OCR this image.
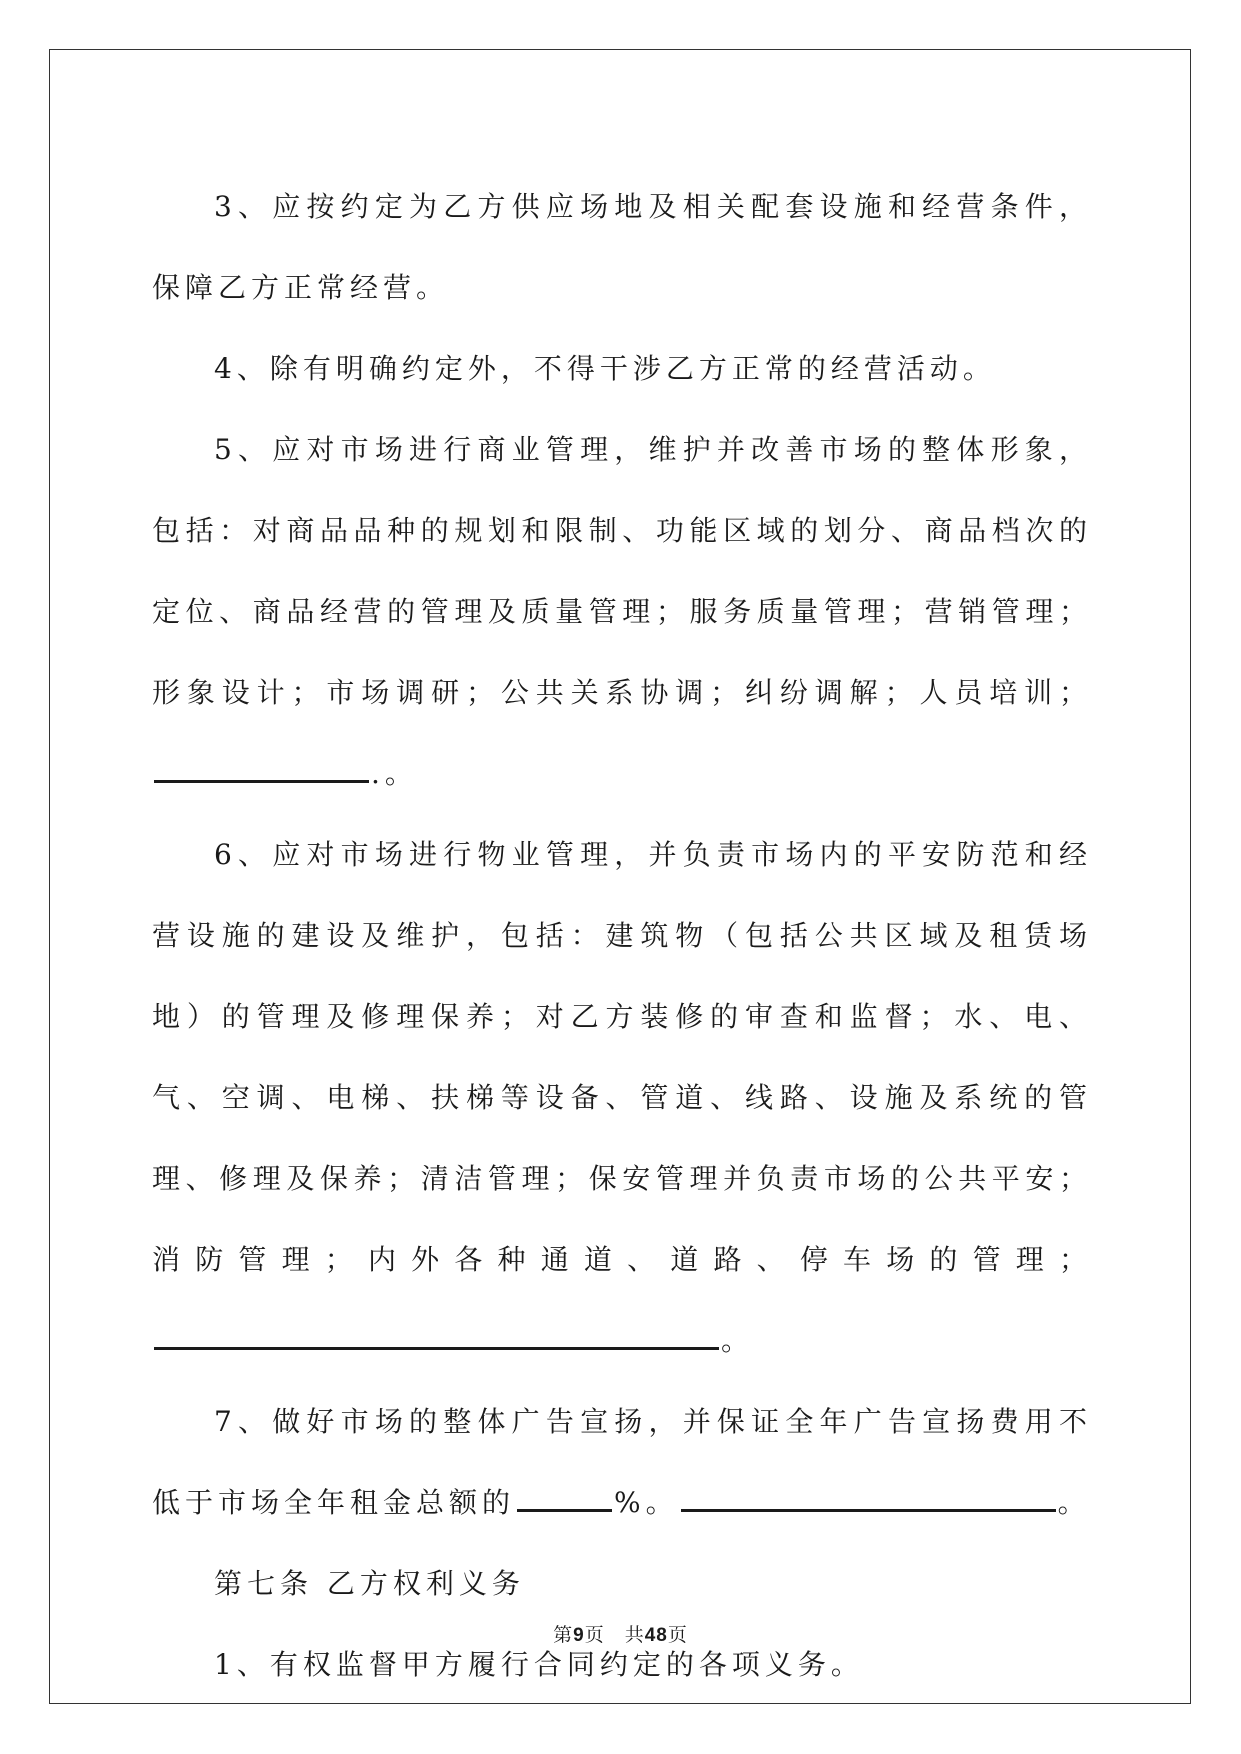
3、应按约定为乙方供应场地及相关配套设施和经营条件，保障乙方正常经营。

4、除有明确约定外，不得干涉乙方正常的经营活动。

5、应对市场进行商业管理，维护并改善市场的整体形象，包括：对商品品种的规划和限制、功能区域的划分、商品档次的定位、商品经营的管理及质量管理；服务质量管理；营销管理；形象设计；市场调研；公共关系协调；纠纷调解；人员培训；.。

6、应对市场进行物业管理，并负责市场内的平安防范和经营设施的建设及维护，包括：建筑物（包括公共区域及租赁场地）的管理及修理保养；对乙方装修的审查和监督；水、电、气、空调、电梯、扶梯等设备、管道、线路、设施及系统的管理、修理及保养；清洁管理；保安管理并负责市场的公共平安；消防管理；内外各种通道、道路、停车场的管理；。

7、做好市场的整体广告宣扬，并保证全年广告宣扬费用不低于市场全年租金总额的	%。	。

第七条 乙方权利义务

1、有权监督甲方履行合同约定的各项义务。

第9页　共48页
